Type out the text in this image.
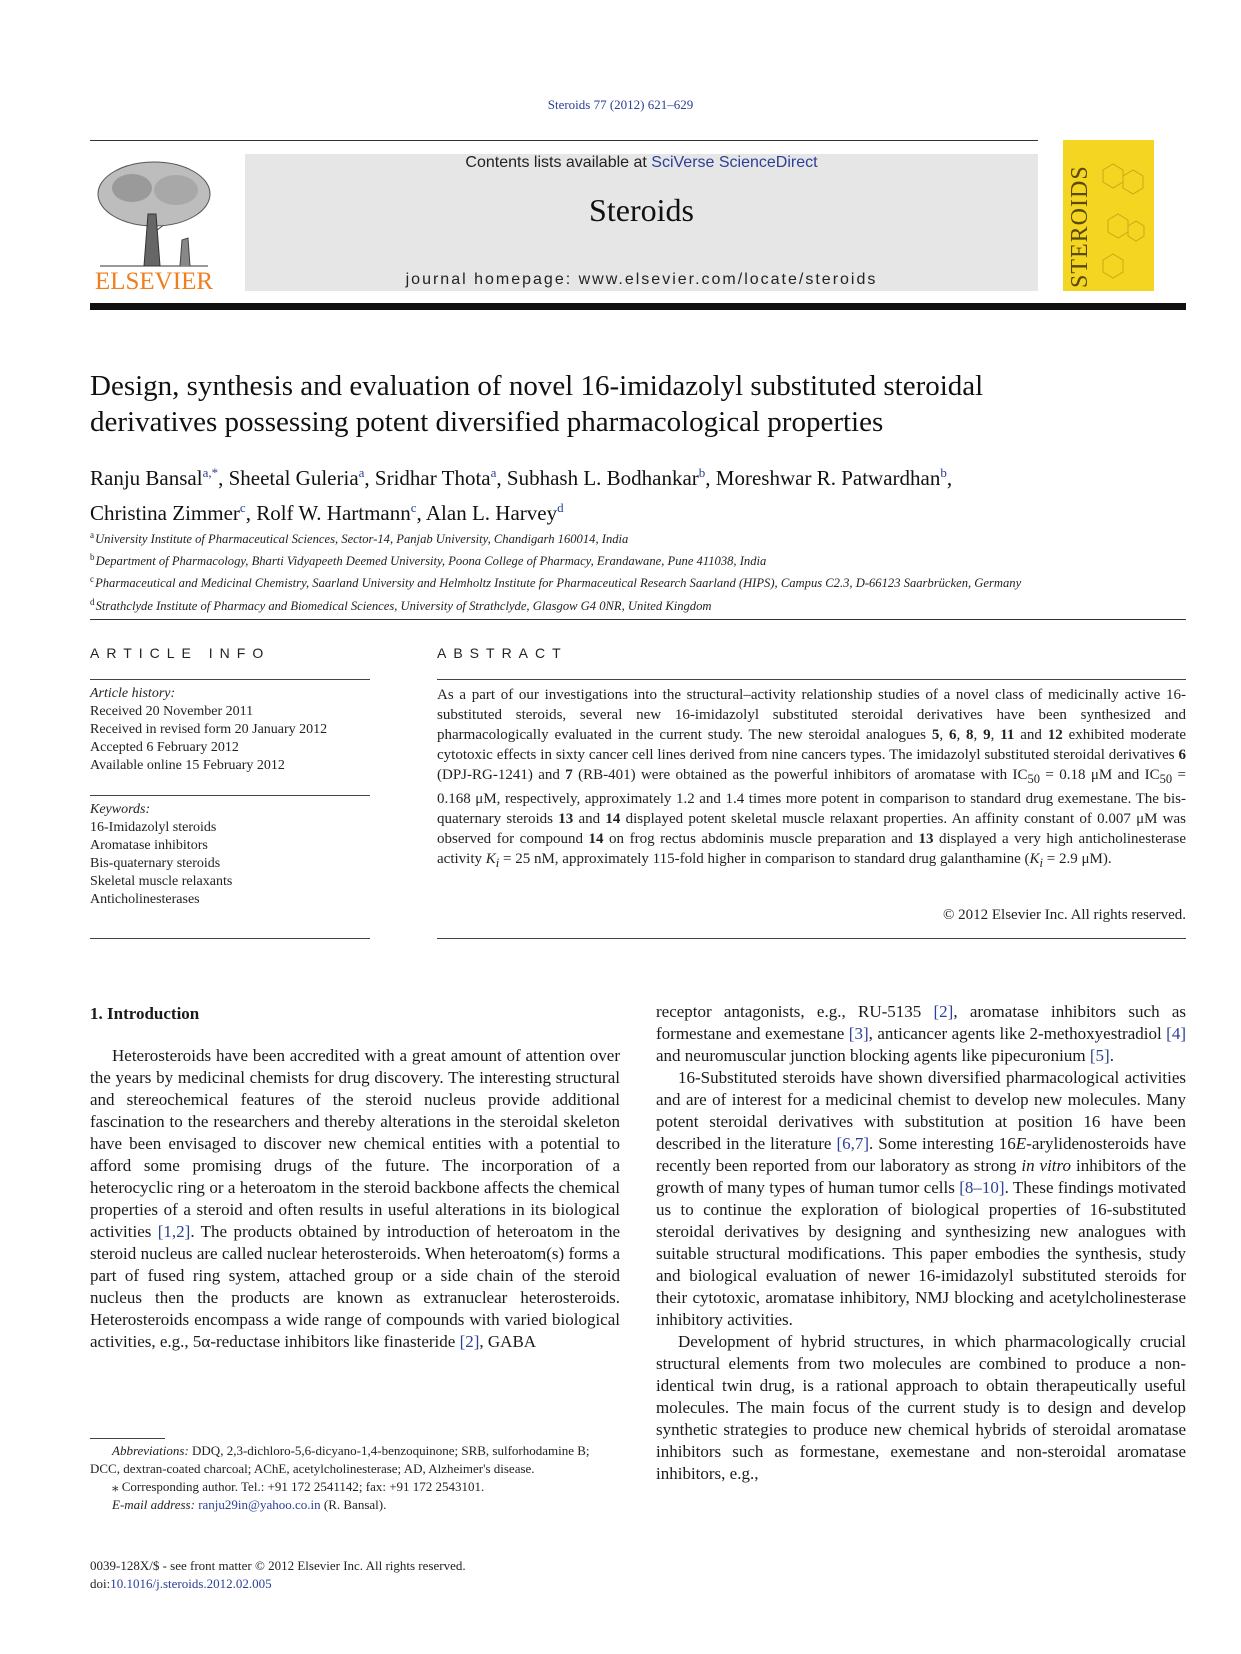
Steroids 77 (2012) 621–629
ELSEVIER
Contents lists available at SciVerse ScienceDirect
Steroids
journal homepage: www.elsevier.com/locate/steroids	STEROIDS
Design, synthesis and evaluation of novel 16-imidazolyl substituted steroidal
derivatives possessing potent diversified pharmacological properties
Ranju Bansal$^{a,*}$, Sheetal Guleria$^a$, Sridhar Thota$^a$, Subhash L. Bodhankar$^b$, Moreshwar R. Patwardhan$^b$,
Christina Zimmer$^c$, Rolf W. Hartmann$^c$, Alan L. Harvey$^d$
$^a$ University Institute of Pharmaceutical Sciences, Sector-14, Panjab University, Chandigarh 160014, India
$^b$ Department of Pharmacology, Bharti Vidyapeeth Deemed University, Poona College of Pharmacy, Erandawane, Pune 411038, India
$^c$ Pharmaceutical and Medicinal Chemistry, Saarland University and Helmholtz Institute for Pharmaceutical Research Saarland (HIPS), Campus C2.3, D-66123 Saarbrücken, Germany
$^d$ Strathclyde Institute of Pharmacy and Biomedical Sciences, University of Strathclyde, Glasgow G4 0NR, United Kingdom
ARTICLE INFO
Article history:
Received 20 November 2011
Received in revised form 20 January 2012
Accepted 6 February 2012
Available online 15 February 2012
Keywords:
16-Imidazolyl steroids
Aromatase inhibitors
Bis-quaternary steroids
Skeletal muscle relaxants
Anticholinesterases
ABSTRACT
As a part of our investigations into the structural–activity relationship studies of a novel class of medicinally active 16-substituted steroids, several new 16-imidazolyl substituted steroidal derivatives have been synthesized and pharmacologically evaluated in the current study. The new steroidal analogues 5, 6, 8, 9, 11 and 12 exhibited moderate cytotoxic effects in sixty cancer cell lines derived from nine cancers types. The imidazolyl substituted steroidal derivatives 6 (DPJ-RG-1241) and 7 (RB-401) were obtained as the powerful inhibitors of aromatase with $IC_{50} = 0.18$ μM and $IC_{50} = 0.168$ μM, respectively, approximately 1.2 and 1.4 times more potent in comparison to standard drug exemestane. The bis-quaternary steroids 13 and 14 displayed potent skeletal muscle relaxant properties. An affinity constant of 0.007 μM was observed for compound 14 on frog rectus abdominis muscle preparation and 13 displayed a very high anticholinesterase activity $K_i = 25$ nM, approximately 115-fold higher in comparison to standard drug galanthamine ($K_i = 2.9$ μM).
© 2012 Elsevier Inc. All rights reserved.
1. Introduction

Heterosteroids have been accredited with a great amount of attention over the years by medicinal chemists for drug discovery. The interesting structural and stereochemical features of the steroid nucleus provide additional fascination to the researchers and thereby alterations in the steroidal skeleton have been envisaged to discover new chemical entities with a potential to afford some promising drugs of the future. The incorporation of a heterocyclic ring or a heteroatom in the steroid backbone affects the chemical properties of a steroid and often results in useful alterations in its biological activities [1,2]. The products obtained by introduction of heteroatom in the steroid nucleus are called nuclear heterosteroids. When heteroatom(s) forms a part of fused ring system, attached group or a side chain of the steroid nucleus then the products are known as extranuclear heterosteroids. Heterosteroids encompass a wide range of compounds with varied biological activities, e.g., 5α-reductase inhibitors like finasteride [2], GABA

receptor antagonists, e.g., RU-5135 [2], aromatase inhibitors such as formestane and exemestane [3], anticancer agents like 2-methoxyestradiol [4] and neuromuscular junction blocking agents like pipecuronium [5].

16-Substituted steroids have shown diversified pharmacological activities and are of interest for a medicinal chemist to develop new molecules. Many potent steroidal derivatives with substitution at position 16 have been described in the literature [6,7]. Some interesting 16E-arylidenosteroids have recently been reported from our laboratory as strong in vitro inhibitors of the growth of many types of human tumor cells [8–10]. These findings motivated us to continue the exploration of biological properties of 16-substituted steroidal derivatives by designing and synthesizing new analogues with suitable structural modifications. This paper embodies the synthesis, study and biological evaluation of newer 16-imidazolyl substituted steroids for their cytotoxic, aromatase inhibitory, NMJ blocking and acetylcholinesterase inhibitory activities.

Development of hybrid structures, in which pharmacologically crucial structural elements from two molecules are combined to produce a non-identical twin drug, is a rational approach to obtain therapeutically useful molecules. The main focus of the current study is to design and develop synthetic strategies to produce new chemical hybrids of steroidal aromatase inhibitors such as formestane, exemestane and non-steroidal aromatase inhibitors, e.g.,

Abbreviations: DDQ, 2,3-dichloro-5,6-dicyano-1,4-benzoquinone; SRB, sulforhodamine B; DCC, dextran-coated charcoal; AChE, acetylcholinesterase; AD, Alzheimer's disease.

⁎ Corresponding author. Tel.: +91 172 2541142; fax: +91 172 2543101.

E-mail address: ranju29in@yahoo.co.in (R. Bansal).

0039-128X/$ - see front matter © 2012 Elsevier Inc. All rights reserved.
doi:10.1016/j.steroids.2012.02.005
